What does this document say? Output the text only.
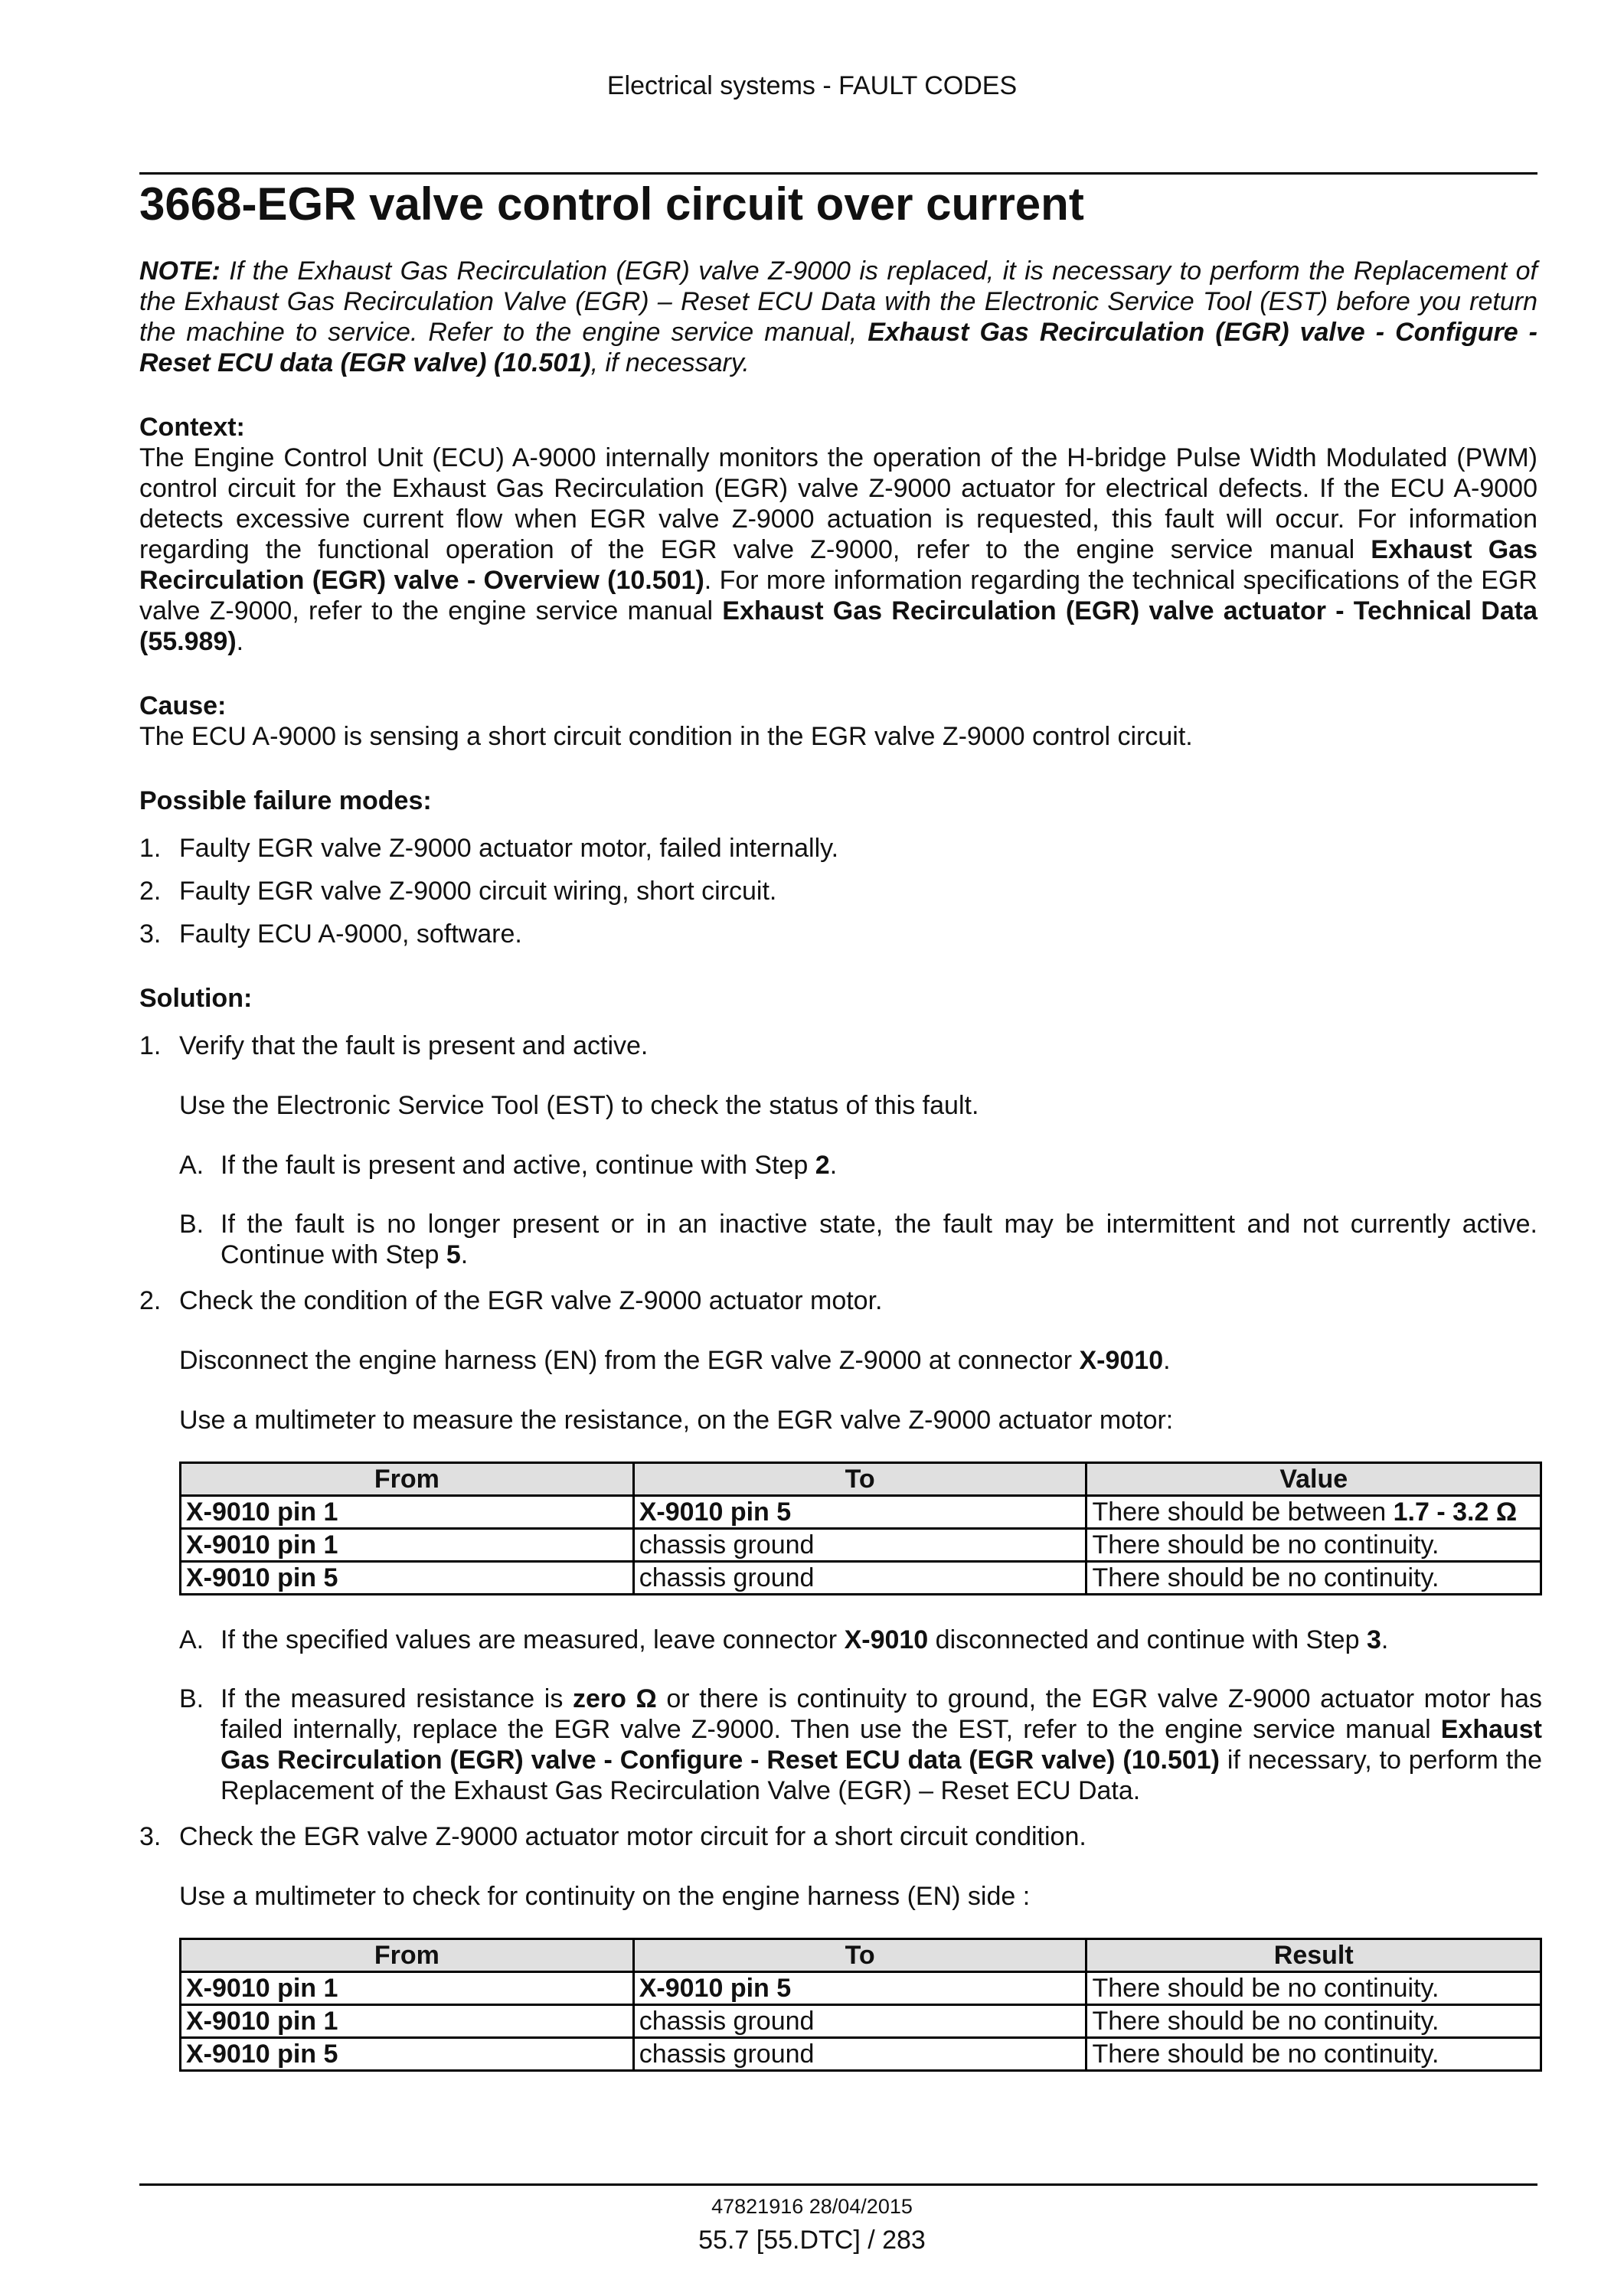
Electrical systems - FAULT CODES
3668-EGR valve control circuit over current
NOTE: If the Exhaust Gas Recirculation (EGR) valve Z-9000 is replaced, it is necessary to perform the Replacement of the Exhaust Gas Recirculation Valve (EGR) – Reset ECU Data with the Electronic Service Tool (EST) before you return the machine to service. Refer to the engine service manual, Exhaust Gas Recirculation (EGR) valve - Configure - Reset ECU data (EGR valve) (10.501), if necessary.
Context:
The Engine Control Unit (ECU) A-9000 internally monitors the operation of the H-bridge Pulse Width Modulated (PWM) control circuit for the Exhaust Gas Recirculation (EGR) valve Z-9000 actuator for electrical defects. If the ECU A-9000 detects excessive current flow when EGR valve Z-9000 actuation is requested, this fault will occur. For information regarding the functional operation of the EGR valve Z-9000, refer to the engine service manual Exhaust Gas Recirculation (EGR) valve - Overview (10.501). For more information regarding the technical specifications of the EGR valve Z-9000, refer to the engine service manual Exhaust Gas Recirculation (EGR) valve actuator - Technical Data (55.989).
Cause:
The ECU A-9000 is sensing a short circuit condition in the EGR valve Z-9000 control circuit.
Possible failure modes:
1. Faulty EGR valve Z-9000 actuator motor, failed internally.
2. Faulty EGR valve Z-9000 circuit wiring, short circuit.
3. Faulty ECU A-9000, software.
Solution:
1. Verify that the fault is present and active.
Use the Electronic Service Tool (EST) to check the status of this fault.
A. If the fault is present and active, continue with Step 2.
B. If the fault is no longer present or in an inactive state, the fault may be intermittent and not currently active. Continue with Step 5.
2. Check the condition of the EGR valve Z-9000 actuator motor.
Disconnect the engine harness (EN) from the EGR valve Z-9000 at connector X-9010.
Use a multimeter to measure the resistance, on the EGR valve Z-9000 actuator motor:
From	To	Value
X-9010 pin 1	X-9010 pin 5	There should be between 1.7 - 3.2 Ω
X-9010 pin 1	chassis ground	There should be no continuity.
X-9010 pin 5	chassis ground	There should be no continuity.
A. If the specified values are measured, leave connector X-9010 disconnected and continue with Step 3.
B. If the measured resistance is zero Ω or there is continuity to ground, the EGR valve Z-9000 actuator motor has failed internally, replace the EGR valve Z-9000. Then use the EST, refer to the engine service manual Exhaust Gas Recirculation (EGR) valve - Configure - Reset ECU data (EGR valve) (10.501) if necessary, to perform the Replacement of the Exhaust Gas Recirculation Valve (EGR) – Reset ECU Data.
3. Check the EGR valve Z-9000 actuator motor circuit for a short circuit condition.
Use a multimeter to check for continuity on the engine harness (EN) side :
From	To	Result
X-9010 pin 1	X-9010 pin 5	There should be no continuity.
X-9010 pin 1	chassis ground	There should be no continuity.
X-9010 pin 5	chassis ground	There should be no continuity.
47821916 28/04/2015
55.7 [55.DTC] / 283
